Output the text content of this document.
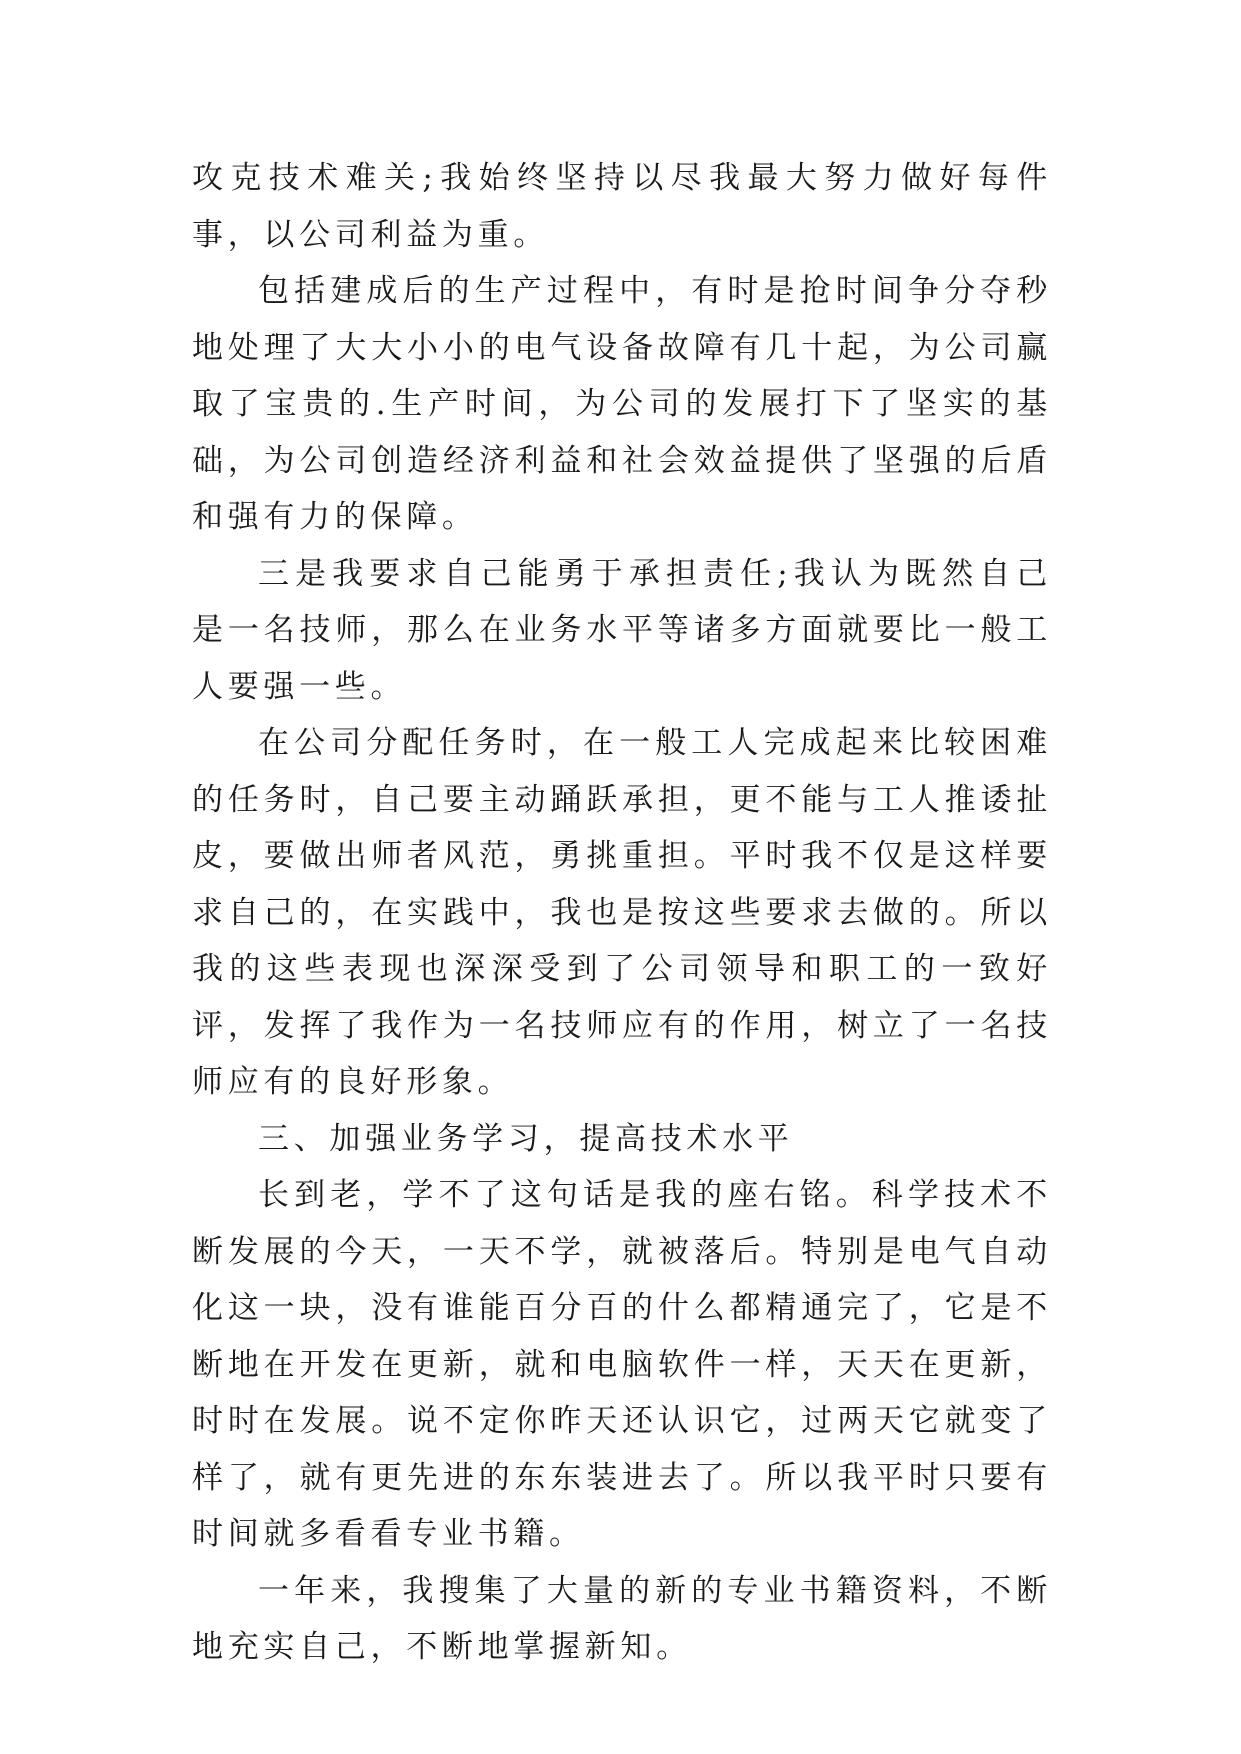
攻克技术难关;我始终坚持以尽我最大努力做好每件事，以公司利益为重。

包括建成后的生产过程中，有时是抢时间争分夺秒地处理了大大小小的电气设备故障有几十起，为公司赢取了宝贵的.生产时间，为公司的发展打下了坚实的基础，为公司创造经济利益和社会效益提供了坚强的后盾和强有力的保障。

三是我要求自己能勇于承担责任;我认为既然自己是一名技师，那么在业务水平等诸多方面就要比一般工人要强一些。

在公司分配任务时，在一般工人完成起来比较困难的任务时，自己要主动踊跃承担，更不能与工人推诿扯皮，要做出师者风范，勇挑重担。平时我不仅是这样要求自己的，在实践中，我也是按这些要求去做的。所以我的这些表现也深深受到了公司领导和职工的一致好评，发挥了我作为一名技师应有的作用，树立了一名技师应有的良好形象。

三、加强业务学习，提高技术水平

长到老，学不了这句话是我的座右铭。科学技术不断发展的今天，一天不学，就被落后。特别是电气自动化这一块，没有谁能百分百的什么都精通完了，它是不断地在开发在更新，就和电脑软件一样，天天在更新，时时在发展。说不定你昨天还认识它，过两天它就变了样了，就有更先进的东东装进去了。所以我平时只要有时间就多看看专业书籍。

一年来，我搜集了大量的新的专业书籍资料，不断地充实自己，不断地掌握新知。
